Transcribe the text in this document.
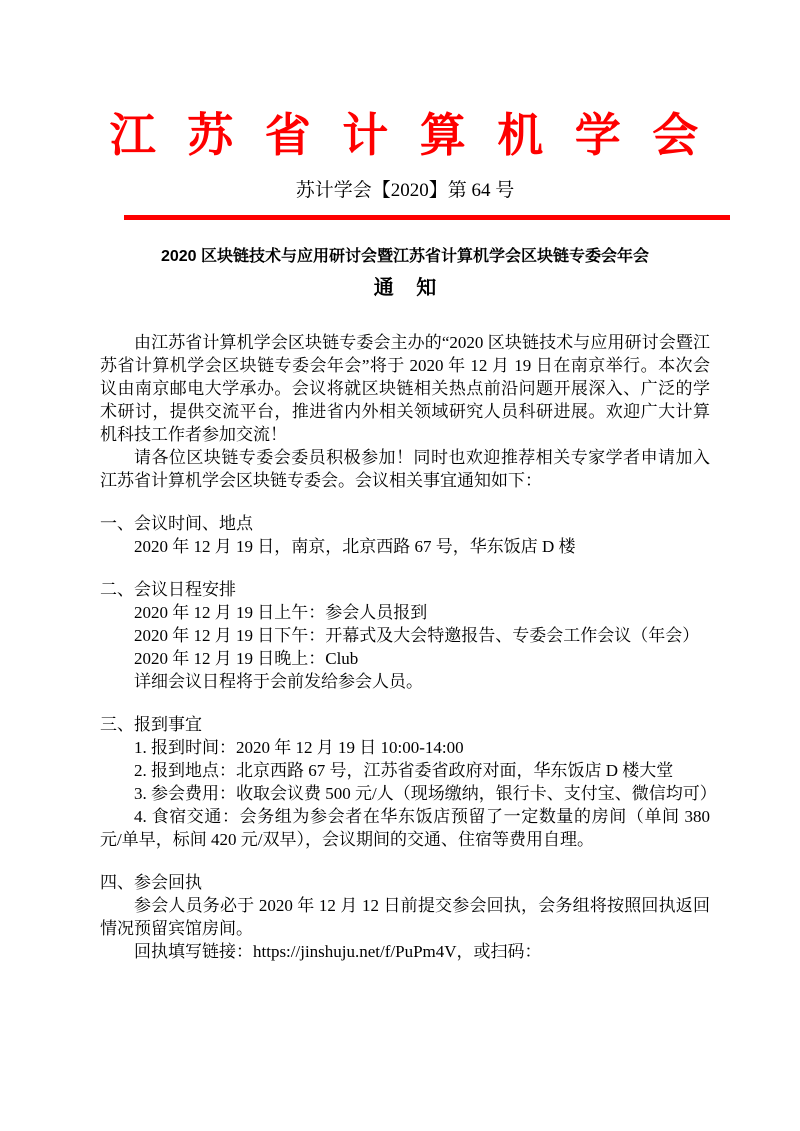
江 苏 省 计 算 机 学 会
苏计学会【2020】第 64 号
2020 区块链技术与应用研讨会暨江苏省计算机学会区块链专委会年会
通 知

由江苏省计算机学会区块链专委会主办的“2020 区块链技术与应用研讨会暨江苏省计算机学会区块链专委会年会”将于 2020 年 12 月 19 日在南京举行。本次会议由南京邮电大学承办。会议将就区块链相关热点前沿问题开展深入、广泛的学术研讨，提供交流平台，推进省内外相关领域研究人员科研进展。欢迎广大计算机科技工作者参加交流！

请各位区块链专委会委员积极参加！同时也欢迎推荐相关专家学者申请加入江苏省计算机学会区块链专委会。会议相关事宜通知如下：

一、会议时间、地点

2020 年 12 月 19 日，南京，北京西路 67 号，华东饭店 D 楼

二、会议日程安排

2020 年 12 月 19 日上午：参会人员报到

2020 年 12 月 19 日下午：开幕式及大会特邀报告、专委会工作会议（年会）

2020 年 12 月 19 日晚上：Club

详细会议日程将于会前发给参会人员。

三、报到事宜

1. 报到时间：2020 年 12 月 19 日 10:00-14:00

2. 报到地点：北京西路 67 号，江苏省委省政府对面，华东饭店 D 楼大堂

3. 参会费用：收取会议费 500 元/人（现场缴纳，银行卡、支付宝、微信均可）

4. 食宿交通：会务组为参会者在华东饭店预留了一定数量的房间（单间 380 元/单早，标间 420 元/双早），会议期间的交通、住宿等费用自理。

四、参会回执

参会人员务必于 2020 年 12 月 12 日前提交参会回执，会务组将按照回执返回情况预留宾馆房间。

回执填写链接：https://jinshuju.net/f/PuPm4V，或扫码：
